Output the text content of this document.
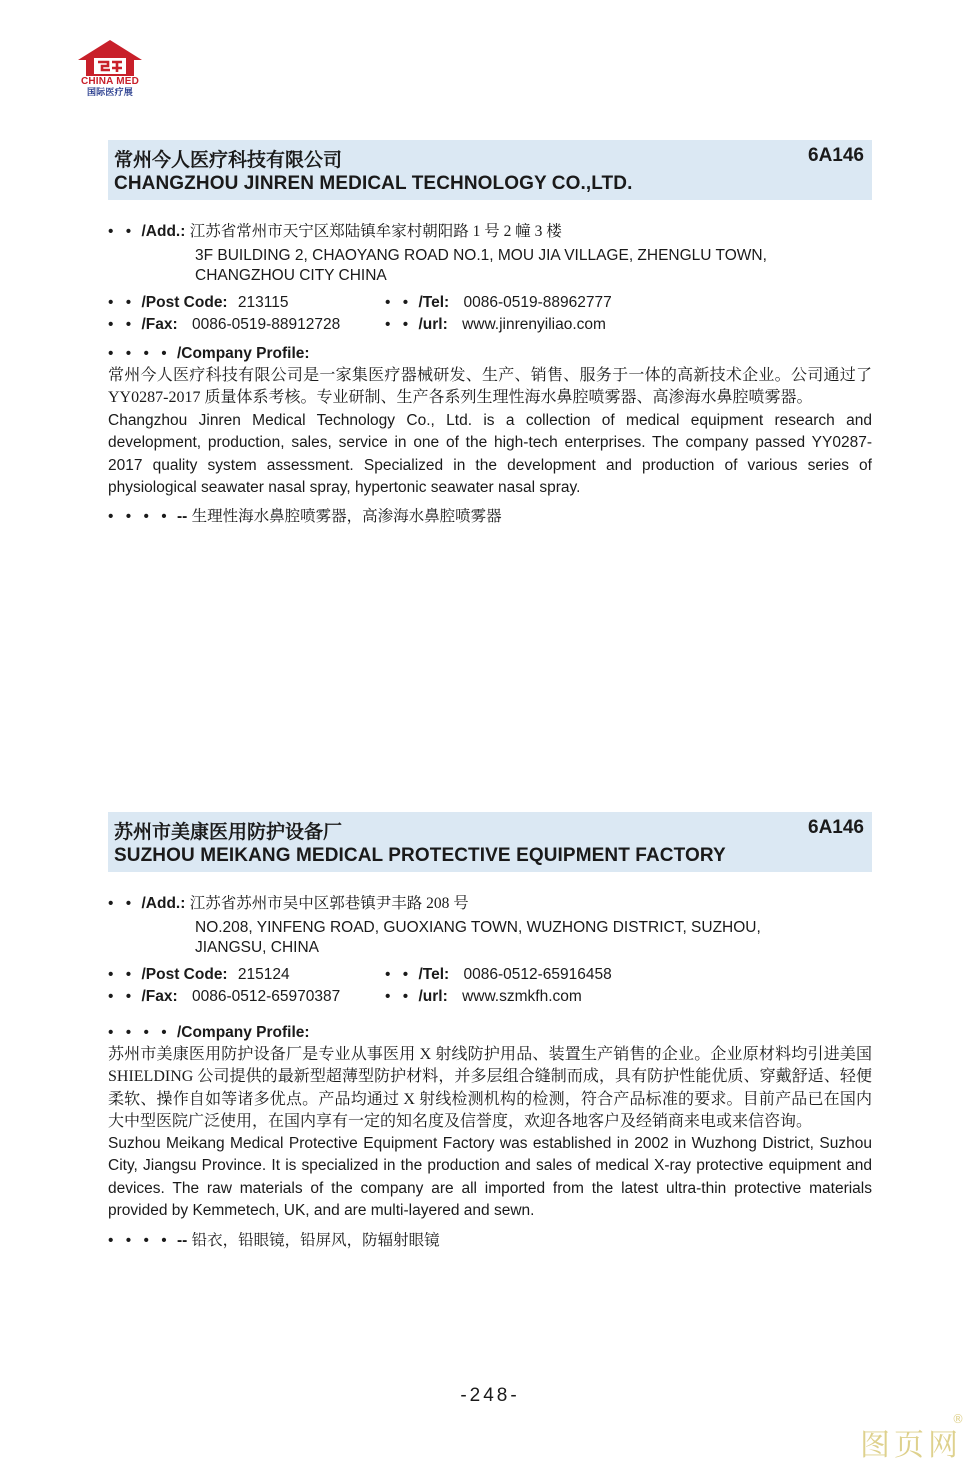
CHINA MED
国际医疗展
常州今人医疗科技有限公司
CHANGZHOU JINREN MEDICAL TECHNOLOGY CO.,LTD.
6A146
• • /Add.: 江苏省常州市天宁区郑陆镇牟家村朝阳路 1 号 2 幢 3 楼
3F BUILDING 2, CHAOYANG ROAD NO.1, MOU JIA VILLAGE, ZHENGLU TOWN,
CHANGZHOU CITY CHINA
• • /Post Code: 213115	• • /Tel: 0086-0519-88962777
• • /Fax: 0086-0519-88912728	• • /url: www.jinrenyiliao.com
• • • • /Company Profile:
常州今人医疗科技有限公司是一家集医疗器械研发、生产、销售、服务于一体的高新技术企业。公司通过了 YY0287-2017 质量体系考核。专业研制、生产各系列生理性海水鼻腔喷雾器、高渗海水鼻腔喷雾器。
Changzhou Jinren Medical Technology Co., Ltd. is a collection of medical equipment research and development, production, sales, service in one of the high-tech enterprises. The company passed YY0287-2017 quality system assessment. Specialized in the development and production of various series of physiological seawater nasal spray, hypertonic seawater nasal spray.
• • • • -- 生理性海水鼻腔喷雾器，高渗海水鼻腔喷雾器
苏州市美康医用防护设备厂
SUZHOU MEIKANG MEDICAL PROTECTIVE EQUIPMENT FACTORY
6A146
• • /Add.: 江苏省苏州市吴中区郭巷镇尹丰路 208 号
NO.208, YINFENG ROAD, GUOXIANG TOWN, WUZHONG DISTRICT, SUZHOU,
JIANGSU, CHINA
• • /Post Code: 215124	• • /Tel: 0086-0512-65916458
• • /Fax: 0086-0512-65970387	• • /url: www.szmkfh.com
• • • • /Company Profile:
苏州市美康医用防护设备厂是专业从事医用 X 射线防护用品、装置生产销售的企业。企业原材料均引进美国 SHIELDING 公司提供的最新型超薄型防护材料，并多层组合缝制而成，具有防护性能优质、穿戴舒适、轻便柔软、操作自如等诸多优点。产品均通过 X 射线检测机构的检测，符合产品标准的要求。目前产品已在国内大中型医院广泛使用，在国内享有一定的知名度及信誉度，欢迎各地客户及经销商来电或来信咨询。
Suzhou Meikang Medical Protective Equipment Factory was established in 2002 in Wuzhong District, Suzhou City, Jiangsu Province. It is specialized in the production and sales of medical X-ray protective equipment and devices. The raw materials of the company are all imported from the latest ultra-thin protective materials provided by Kemmetech, UK, and are multi-layered and sewn.
• • • • -- 铅衣，铅眼镜，铅屏风，防辐射眼镜
-248-
图页网
®
